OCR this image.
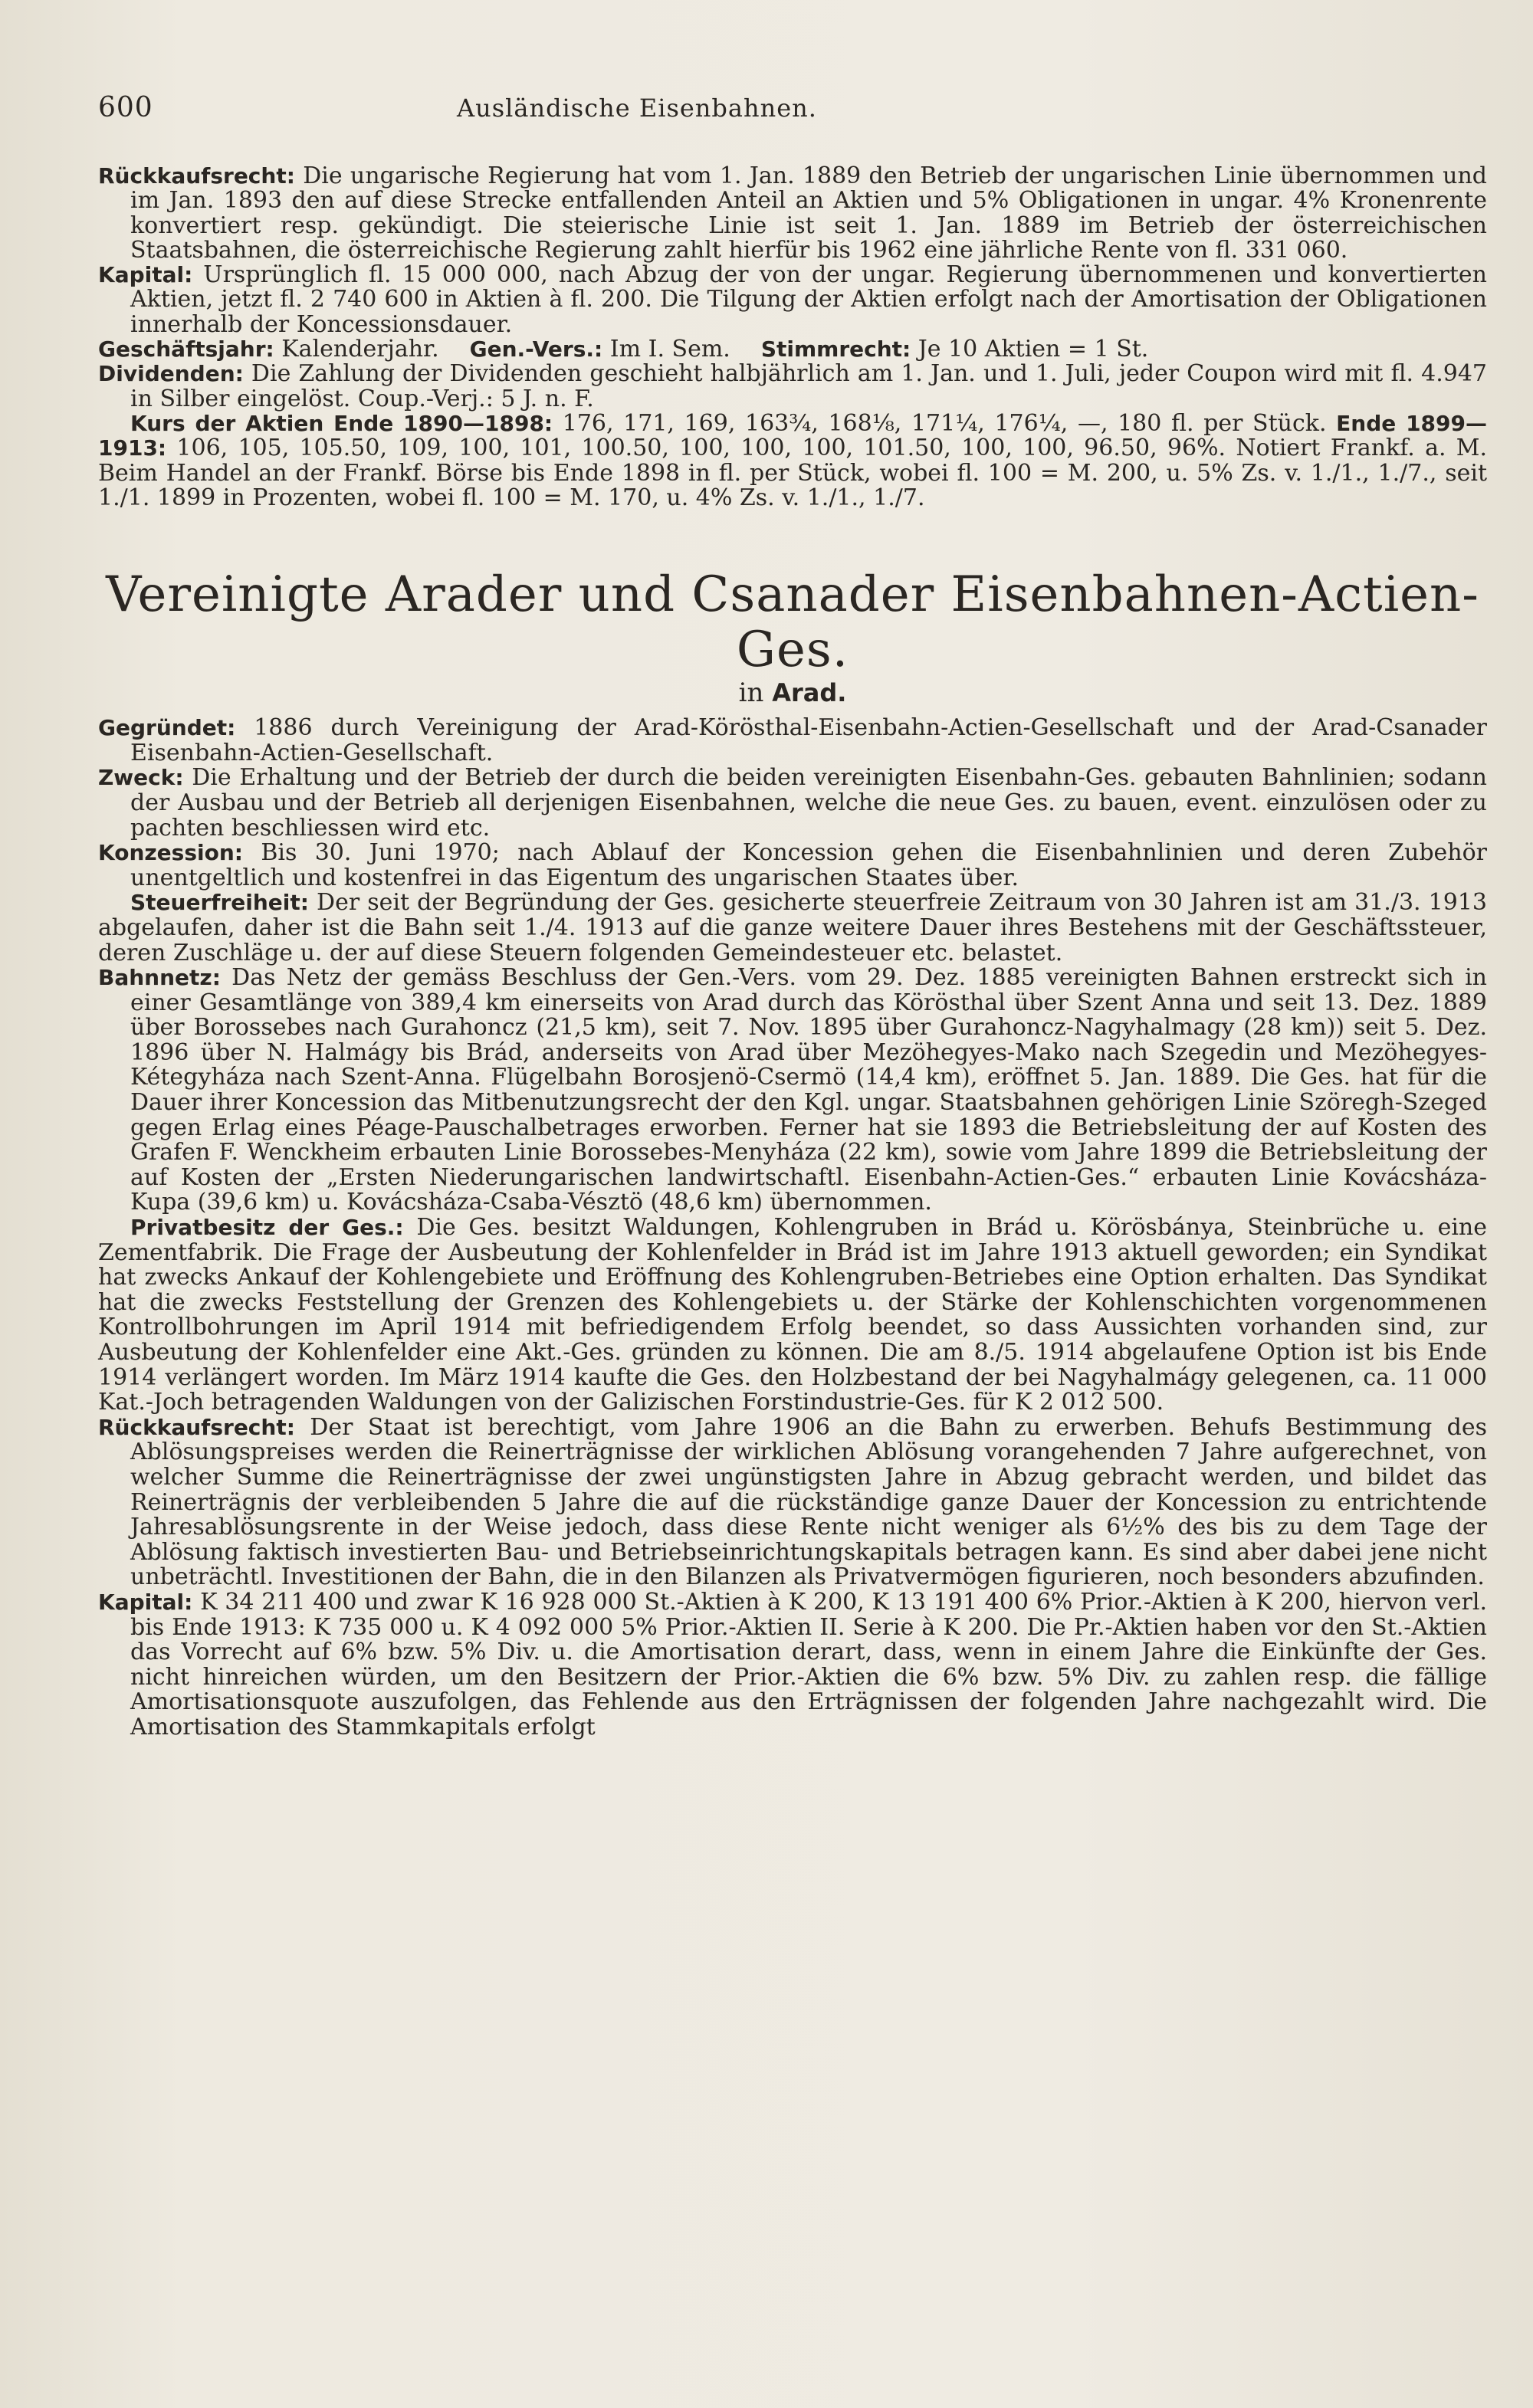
600	Ausländische Eisenbahnen.

Rückkaufsrecht: Die ungarische Regierung hat vom 1. Jan. 1889 den Betrieb der ungarischen Linie übernommen und im Jan. 1893 den auf diese Strecke entfallenden Anteil an Aktien und 5% Obligationen in ungar. 4% Kronenrente konvertiert resp. gekündigt. Die steierische Linie ist seit 1. Jan. 1889 im Betrieb der österreichischen Staatsbahnen, die österreichische Regierung zahlt hierfür bis 1962 eine jährliche Rente von fl. 331 060.

Kapital: Ursprünglich fl. 15 000 000, nach Abzug der von der ungar. Regierung übernommenen und konvertierten Aktien, jetzt fl. 2 740 600 in Aktien à fl. 200. Die Tilgung der Aktien erfolgt nach der Amortisation der Obligationen innerhalb der Koncessionsdauer.

Geschäftsjahr: Kalenderjahr. Gen.-Vers.: Im I. Sem. Stimmrecht: Je 10 Aktien = 1 St.

Dividenden: Die Zahlung der Dividenden geschieht halbjährlich am 1. Jan. und 1. Juli, jeder Coupon wird mit fl. 4.947 in Silber eingelöst. Coup.-Verj.: 5 J. n. F.

Kurs der Aktien Ende 1890—1898: 176, 171, 169, 163¾, 168⅛, 171¼, 176¼, —, 180 fl. per Stück. Ende 1899—1913: 106, 105, 105.50, 109, 100, 101, 100.50, 100, 100, 100, 101.50, 100, 100, 96.50, 96%. Notiert Frankf. a. M. Beim Handel an der Frankf. Börse bis Ende 1898 in fl. per Stück, wobei fl. 100 = M. 200, u. 5% Zs. v. 1./1., 1./7., seit 1./1. 1899 in Prozenten, wobei fl. 100 = M. 170, u. 4% Zs. v. 1./1., 1./7.

Vereinigte Arader und Csanader Eisenbahnen-Actien-Ges.
in Arad.

Gegründet: 1886 durch Vereinigung der Arad-Körösthal-Eisenbahn-Actien-Gesellschaft und der Arad-Csanader Eisenbahn-Actien-Gesellschaft.

Zweck: Die Erhaltung und der Betrieb der durch die beiden vereinigten Eisenbahn-Ges. gebauten Bahnlinien; sodann der Ausbau und der Betrieb all derjenigen Eisenbahnen, welche die neue Ges. zu bauen, event. einzulösen oder zu pachten beschliessen wird etc.

Konzession: Bis 30. Juni 1970; nach Ablauf der Koncession gehen die Eisenbahnlinien und deren Zubehör unentgeltlich und kostenfrei in das Eigentum des ungarischen Staates über.

Steuerfreiheit: Der seit der Begründung der Ges. gesicherte steuerfreie Zeitraum von 30 Jahren ist am 31./3. 1913 abgelaufen, daher ist die Bahn seit 1./4. 1913 auf die ganze weitere Dauer ihres Bestehens mit der Geschäftssteuer, deren Zuschläge u. der auf diese Steuern folgenden Gemeindesteuer etc. belastet.

Bahnnetz: Das Netz der gemäss Beschluss der Gen.-Vers. vom 29. Dez. 1885 vereinigten Bahnen erstreckt sich in einer Gesamtlänge von 389,4 km einerseits von Arad durch das Körösthal über Szent Anna und seit 13. Dez. 1889 über Borossebes nach Gurahoncz (21,5 km), seit 7. Nov. 1895 über Gurahoncz-Nagyhalmagy (28 km)) seit 5. Dez. 1896 über N. Halmágy bis Brád, anderseits von Arad über Mezöhegyes-Mako nach Szegedin und Mezöhegyes-Kétegyháza nach Szent-Anna. Flügelbahn Borosjenö-Csermö (14,4 km), eröffnet 5. Jan. 1889. Die Ges. hat für die Dauer ihrer Koncession das Mitbenutzungsrecht der den Kgl. ungar. Staatsbahnen gehörigen Linie Szöregh-Szeged gegen Erlag eines Péage-Pauschalbetrages erworben. Ferner hat sie 1893 die Betriebsleitung der auf Kosten des Grafen F. Wenckheim erbauten Linie Borossebes-Menyháza (22 km), sowie vom Jahre 1899 die Betriebsleitung der auf Kosten der „Ersten Niederungarischen landwirtschaftl. Eisenbahn-Actien-Ges.“ erbauten Linie Kovácsháza-Kupa (39,6 km) u. Kovácsháza-Csaba-Vésztö (48,6 km) übernommen.

Privatbesitz der Ges.: Die Ges. besitzt Waldungen, Kohlengruben in Brád u. Körösbánya, Steinbrüche u. eine Zementfabrik. Die Frage der Ausbeutung der Kohlenfelder in Brád ist im Jahre 1913 aktuell geworden; ein Syndikat hat zwecks Ankauf der Kohlengebiete und Eröffnung des Kohlengruben-Betriebes eine Option erhalten. Das Syndikat hat die zwecks Feststellung der Grenzen des Kohlengebiets u. der Stärke der Kohlenschichten vorgenommenen Kontrollbohrungen im April 1914 mit befriedigendem Erfolg beendet, so dass Aussichten vorhanden sind, zur Ausbeutung der Kohlenfelder eine Akt.-Ges. gründen zu können. Die am 8./5. 1914 abgelaufene Option ist bis Ende 1914 verlängert worden. Im März 1914 kaufte die Ges. den Holzbestand der bei Nagyhalmágy gelegenen, ca. 11 000 Kat.-Joch betragenden Waldungen von der Galizischen Forstindustrie-Ges. für K 2 012 500.

Rückkaufsrecht: Der Staat ist berechtigt, vom Jahre 1906 an die Bahn zu erwerben. Behufs Bestimmung des Ablösungspreises werden die Reinerträgnisse der wirklichen Ablösung vorangehenden 7 Jahre aufgerechnet, von welcher Summe die Reinerträgnisse der zwei ungünstigsten Jahre in Abzug gebracht werden, und bildet das Reinerträgnis der verbleibenden 5 Jahre die auf die rückständige ganze Dauer der Koncession zu entrichtende Jahresablösungsrente in der Weise jedoch, dass diese Rente nicht weniger als 6½% des bis zu dem Tage der Ablösung faktisch investierten Bau- und Betriebseinrichtungskapitals betragen kann. Es sind aber dabei jene nicht unbeträchtl. Investitionen der Bahn, die in den Bilanzen als Privatvermögen figurieren, noch besonders abzufinden.

Kapital: K 34 211 400 und zwar K 16 928 000 St.-Aktien à K 200, K 13 191 400 6% Prior.-Aktien à K 200, hiervon verl. bis Ende 1913: K 735 000 u. K 4 092 000 5% Prior.-Aktien II. Serie à K 200. Die Pr.-Aktien haben vor den St.-Aktien das Vorrecht auf 6% bzw. 5% Div. u. die Amortisation derart, dass, wenn in einem Jahre die Einkünfte der Ges. nicht hinreichen würden, um den Besitzern der Prior.-Aktien die 6% bzw. 5% Div. zu zahlen resp. die fällige Amortisationsquote auszufolgen, das Fehlende aus den Erträgnissen der folgenden Jahre nachgezahlt wird. Die Amortisation des Stammkapitals erfolgt
